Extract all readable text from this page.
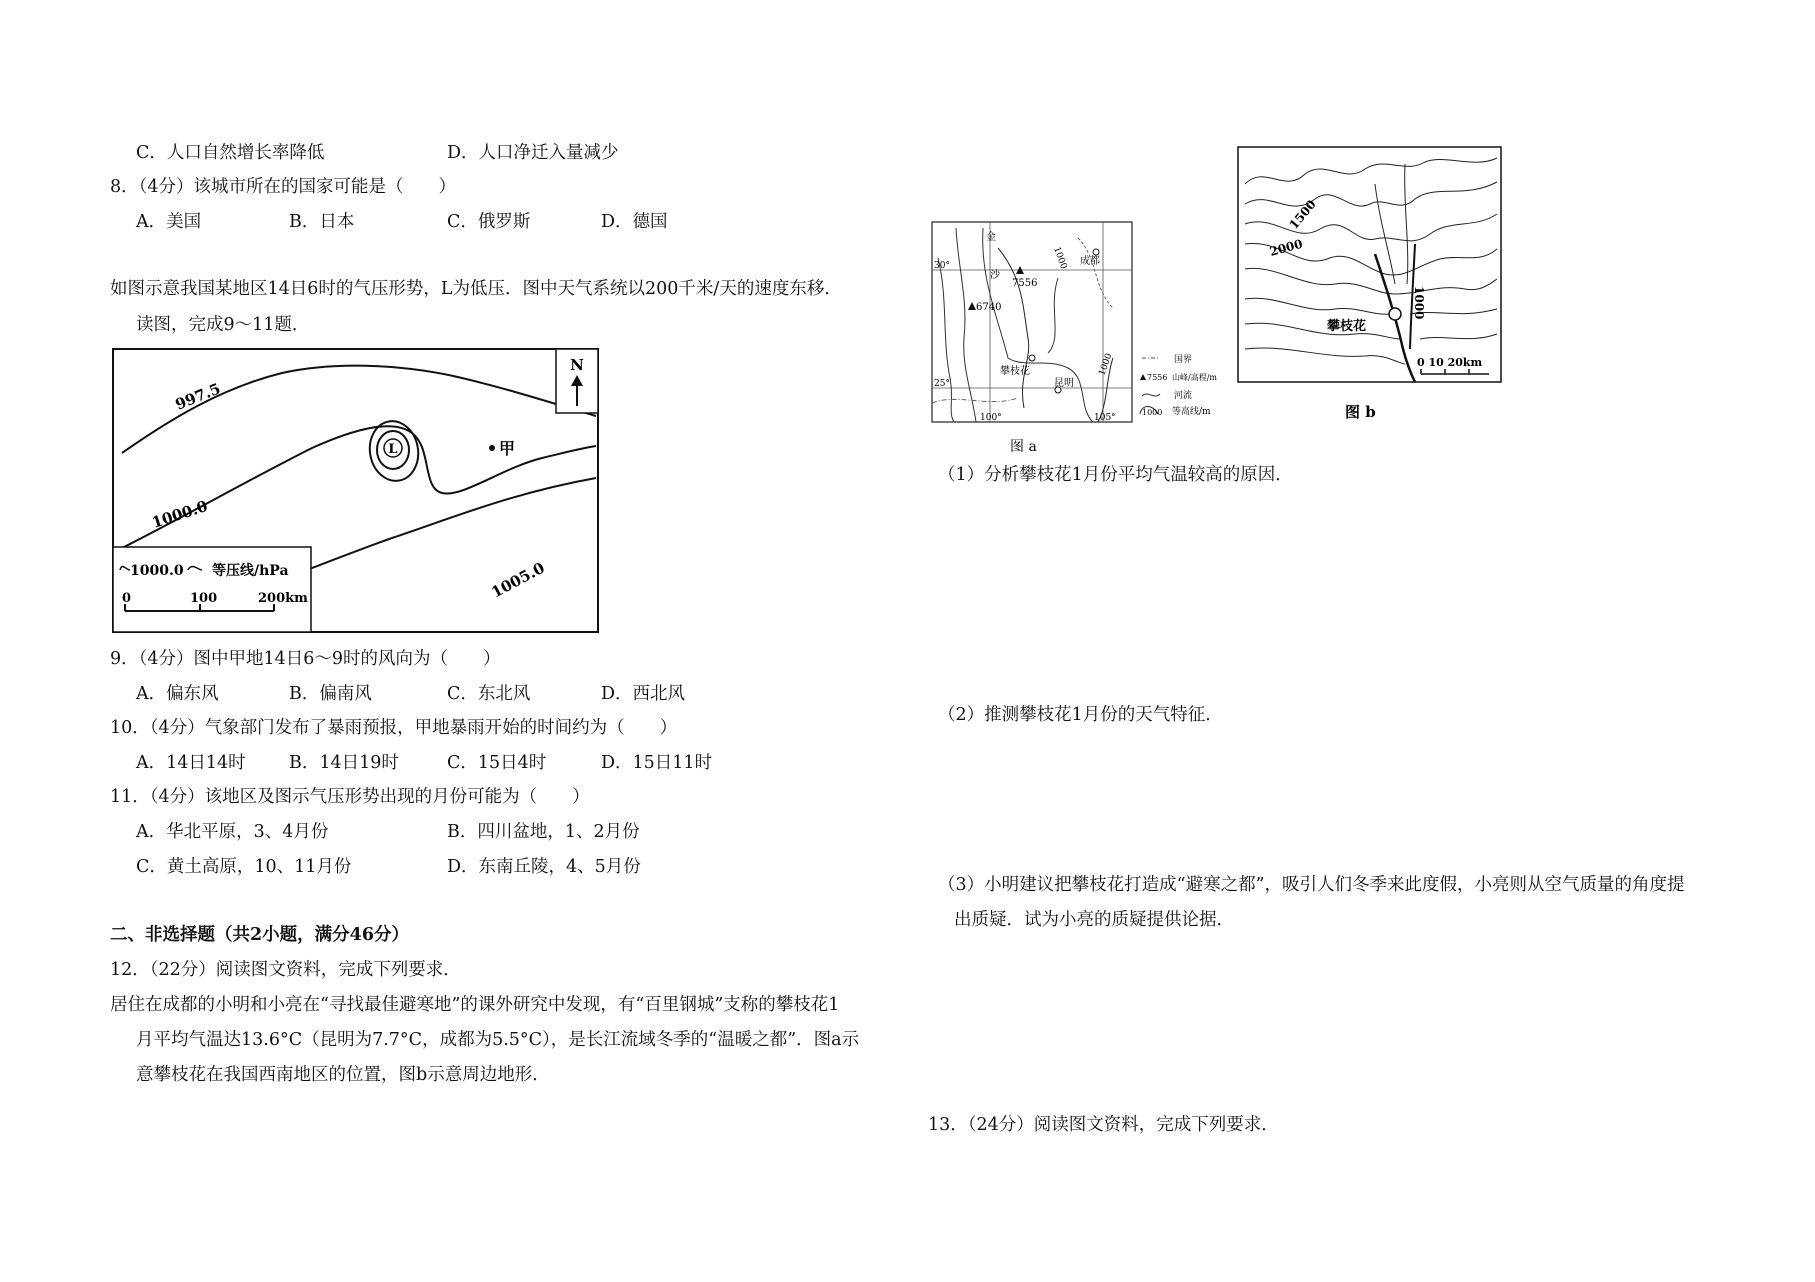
C．人口自然增长率降低	D．人口净迁入量减少
8．（4分）该城市所在的国家可能是（　　）
A．美国	B．日本	C．俄罗斯	D．德国
如图示意我国某地区14日6时的气压形势，L为低压．图中天气系统以200千米/天的速度东移．
读图，完成9～11题．
L	甲
997.5
1000.0
1005.0
N
1000.0 等压线/hPa
0	100	200km
9．（4分）图中甲地14日6～9时的风向为（　　）
A．偏东风	B．偏南风	C．东北风	D．西北风
10．（4分）气象部门发布了暴雨预报，甲地暴雨开始的时间约为（　　）
A．14日14时 B．14日19时	C．15日4时	D．15日11时
11．（4分）该地区及图示气压形势出现的月份可能为（　　）
A．华北平原，3、4月份	B．四川盆地，1、2月份
C．黄土高原，10、11月份	D．东南丘陵，4、5月份
二、非选择题（共2小题，满分46分）
12．（22分）阅读图文资料，完成下列要求．
居住在成都的小明和小亮在“寻找最佳避寒地”的课外研究中发现，有“百里钢城”支称的攀枝花1
月平均气温达13.6°C（昆明为7.7°C，成都为5.5°C），是长江流域冬季的“温暖之都”．图a示
意攀枝花在我国西南地区的位置，图b示意周边地形．
成都
攀枝花
昆明
7556
6740
金
沙
1000
1000
30°
25°
100°	105°
国界
7556 山峰/高程/m
河流
1000 等高线/m
图 a
攀枝花
1500
2000
1000
0 10 20km
图 b
（1）分析攀枝花1月份平均气温较高的原因．
（2）推测攀枝花1月份的天气特征．
（3）小明建议把攀枝花打造成“避寒之都”，吸引人们冬季来此度假，小亮则从空气质量的角度提
出质疑．试为小亮的质疑提供论据．
13．（24分）阅读图文资料，完成下列要求．
